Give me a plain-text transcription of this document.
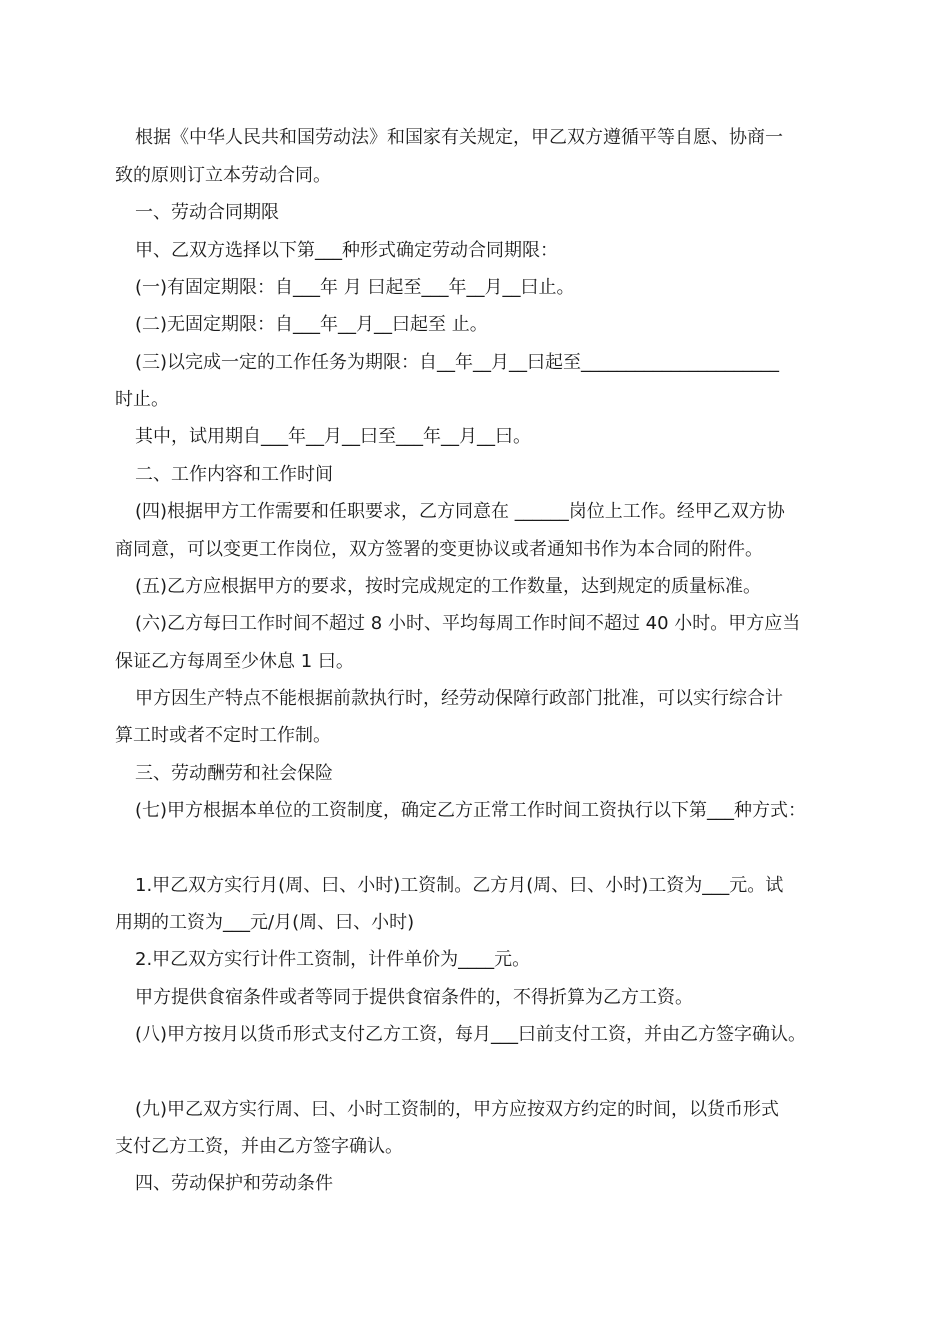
根据《中华人民共和国劳动法》和国家有关规定，甲乙双方遵循平等自愿、协商一
致的原则订立本劳动合同。
一、劳动合同期限
甲、乙双方选择以下第___种形式确定劳动合同期限：
(一)有固定期限：自___年 月 曰起至___年__月__曰止。
(二)无固定期限：自___年__月__曰起至 止。
(三)以完成一定的工作任务为期限：自__年__月__曰起至______________________
时止。
其中，试用期自___年__月__曰至___年__月__曰。
二、工作内容和工作时间
(四)根据甲方工作需要和任职要求，乙方同意在 ______岗位上工作。经甲乙双方协
商同意，可以变更工作岗位，双方签署的变更协议或者通知书作为本合同的附件。
(五)乙方应根据甲方的要求，按时完成规定的工作数量，达到规定的质量标准。
(六)乙方每曰工作时间不超过 8 小时、平均每周工作时间不超过 40 小时。甲方应当
保证乙方每周至少休息 1 曰。
甲方因生产特点不能根据前款执行时，经劳动保障行政部门批准，可以实行综合计
算工时或者不定时工作制。
三、劳动酬劳和社会保险
(七)甲方根据本单位的工资制度，确定乙方正常工作时间工资执行以下第___种方式：
1.甲乙双方实行月(周、曰、小时)工资制。乙方月(周、曰、小时)工资为___元。试
用期的工资为___元/月(周、曰、小时)
2.甲乙双方实行计件工资制，计件单价为____元。
甲方提供食宿条件或者等同于提供食宿条件的，不得折算为乙方工资。
(八)甲方按月以货币形式支付乙方工资，每月___曰前支付工资，并由乙方签字确认。
(九)甲乙双方实行周、曰、小时工资制的，甲方应按双方约定的时间，以货币形式
支付乙方工资，并由乙方签字确认。
四、劳动保护和劳动条件
